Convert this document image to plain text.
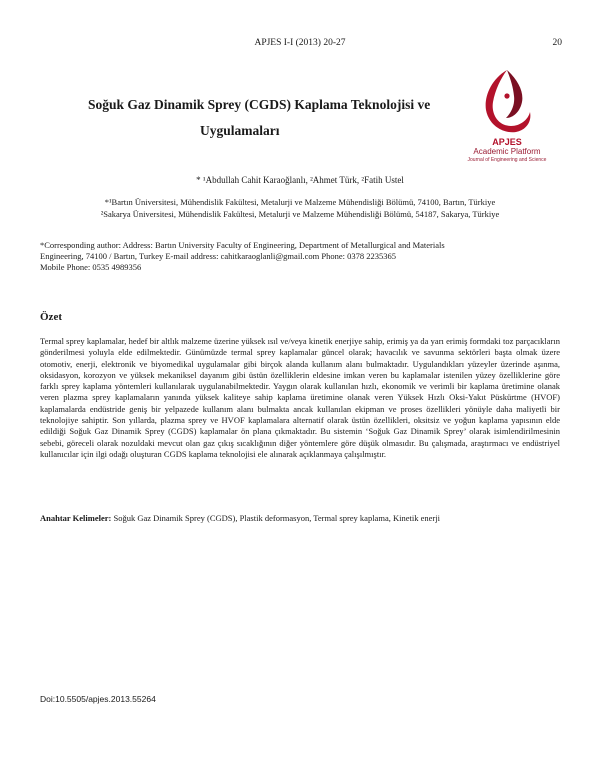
APJES I-I (2013) 20-27	20
Soğuk Gaz Dinamik Sprey (CGDS) Kaplama Teknolojisi ve
Uygulamaları
APJES
Academic Platform
Journal of Engineering and Science
* ¹Abdullah Cahit Karaoğlanlı, ²Ahmet Türk, ²Fatih Ustel
*¹Bartın Üniversitesi, Mühendislik Fakültesi, Metalurji ve Malzeme Mühendisliği Bölümü, 74100, Bartın, Türkiye
²Sakarya Üniversitesi, Mühendislik Fakültesi, Metalurji ve Malzeme Mühendisliği Bölümü, 54187, Sakarya, Türkiye
*Corresponding author: Address: Bartın University Faculty of Engineering, Department of Metallurgical and Materials
Engineering, 74100 / Bartın, Turkey E-mail address: cahitkaraoglanli@gmail.com Phone: 0378 2235365
Mobile Phone: 0535 4989356
Özet
Termal sprey kaplamalar, hedef bir altlık malzeme üzerine yüksek ısıl ve/veya kinetik enerjiye sahip, erimiş ya da yarı erimiş formdaki toz parçacıkların gönderilmesi yoluyla elde edilmektedir. Günümüzde termal sprey kaplamalar güncel olarak; havacılık ve savunma sektörleri başta olmak üzere otomotiv, enerji, elektronik ve biyomedikal uygulamalar gibi birçok alanda kullanım alanı bulmaktadır. Uygulandıkları yüzeyler üzerinde aşınma, oksidasyon, korozyon ve yüksek mekaniksel dayanım gibi üstün özelliklerin eldesine imkan veren bu kaplamalar istenilen yüzey özelliklerine göre farklı sprey kaplama yöntemleri kullanılarak uygulanabilmektedir. Yaygın olarak kullanılan hızlı, ekonomik ve verimli bir kaplama üretimine olanak veren plazma sprey kaplamaların yanında yüksek kaliteye sahip kaplama üretimine olanak veren Yüksek Hızlı Oksi-Yakıt Püskürtme (HVOF) kaplamalarda endüstride geniş bir yelpazede kullanım alanı bulmakta ancak kullanılan ekipman ve proses özellikleri yönüyle daha maliyetli bir teknolojiye sahiptir. Son yıllarda, plazma sprey ve HVOF kaplamalara alternatif olarak üstün özellikleri, oksitsiz ve yoğun kaplama yapısının elde edildiği Soğuk Gaz Dinamik Sprey (CGDS) kaplamalar ön plana çıkmaktadır. Bu sistemin ‘Soğuk Gaz Dinamik Sprey’ olarak isimlendirilmesinin sebebi, göreceli olarak nozuldaki mevcut olan gaz çıkış sıcaklığının diğer yöntemlere göre düşük olmasıdır. Bu çalışmada, araştırmacı ve endüstriyel kullanıcılar için ilgi odağı oluşturan CGDS kaplama teknolojisi ele alınarak açıklanmaya çalışılmıştır.
Anahtar Kelimeler: Soğuk Gaz Dinamik Sprey (CGDS), Plastik deformasyon, Termal sprey kaplama, Kinetik enerji
Doi:10.5505/apjes.2013.55264
